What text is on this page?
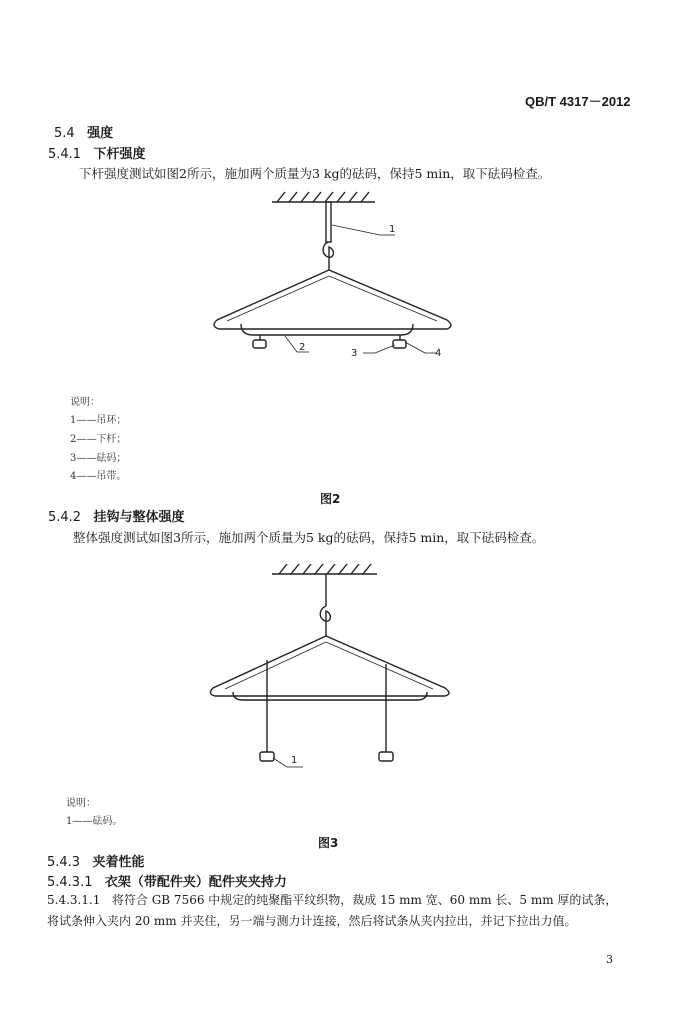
QB/T 4317－2012
5.4 强度
5.4.1 下杆强度
下杆强度测试如图2所示，施加两个质量为3 kg的砝码，保持5 min，取下砝码检查。
1
2
3	4
说明：
1——吊环；
2——下杆；
3——砝码；
4——吊带。
图2
5.4.2 挂钩与整体强度
整体强度测试如图3所示，施加两个质量为5 kg的砝码，保持5 min，取下砝码检查。
1
说明：
1——砝码。
图3
5.4.3 夹着性能
5.4.3.1 衣架（带配件夹）配件夹夹持力
5.4.3.1.1 将符合 GB 7566 中规定的纯聚酯平纹织物，裁成 15 mm 宽、60 mm 长、5 mm 厚的试条，
将试条伸入夹内 20 mm 并夹住，另一端与测力计连接，然后将试条从夹内拉出，并记下拉出力值。
3
